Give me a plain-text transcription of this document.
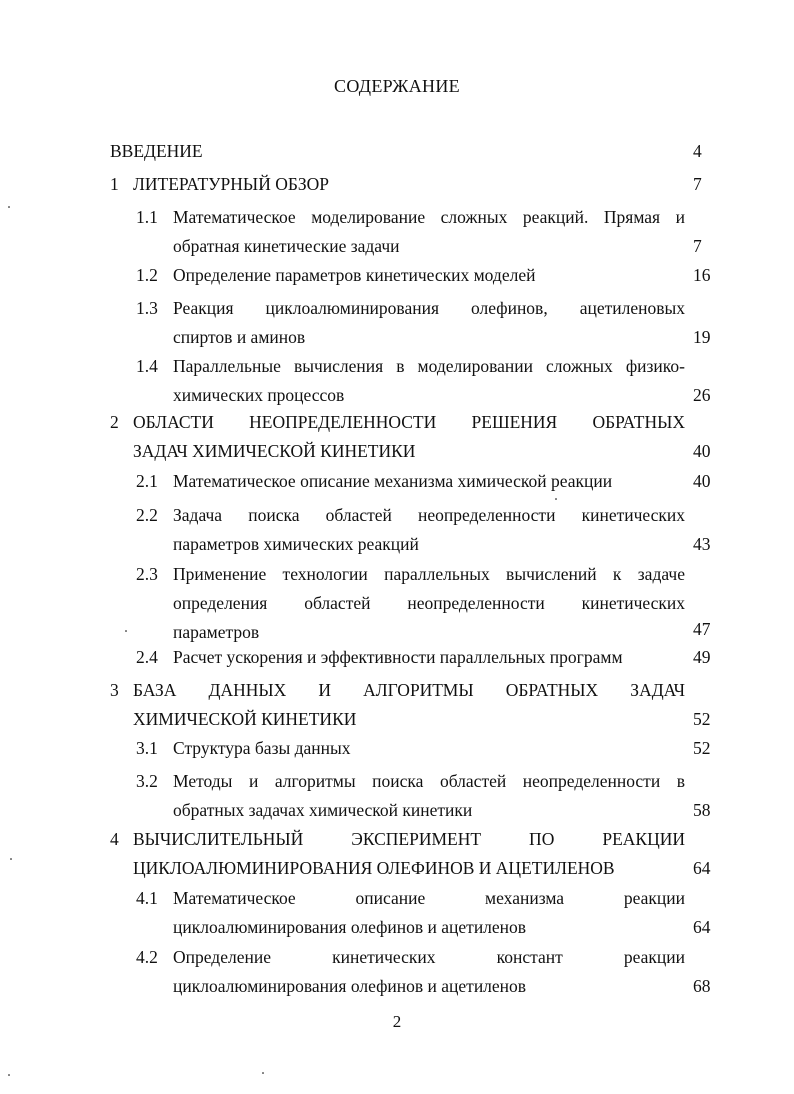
СОДЕРЖАНИЕ
ВВЕДЕНИЕ	4
1 ЛИТЕРАТУРНЫЙ ОБЗОР	7
1.1 Математическое моделирование сложных реакций. Прямая и
обратная кинетические задачи	7
1.2 Определение параметров кинетических моделей	16
1.3 Реакция циклоалюминирования олефинов, ацетиленовых
спиртов и аминов	19
1.4 Параллельные вычисления в моделировании сложных физико-
химических процессов	26
2 ОБЛАСТИ НЕОПРЕДЕЛЕННОСТИ РЕШЕНИЯ ОБРАТНЫХ
ЗАДАЧ ХИМИЧЕСКОЙ КИНЕТИКИ	40
2.1 Математическое описание механизма химической реакции	40
2.2 Задача поиска областей неопределенности кинетических
параметров химических реакций	43
2.3 Применение технологии параллельных вычислений к задаче
определения областей неопределенности кинетических
параметров	47
2.4 Расчет ускорения и эффективности параллельных программ	49
3 БАЗА ДАННЫХ И АЛГОРИТМЫ ОБРАТНЫХ ЗАДАЧ
ХИМИЧЕСКОЙ КИНЕТИКИ	52
3.1 Структура базы данных	52
3.2 Методы и алгоритмы поиска областей неопределенности в
обратных задачах химической кинетики	58
4 ВЫЧИСЛИТЕЛЬНЫЙ ЭКСПЕРИМЕНТ ПО РЕАКЦИИ
ЦИКЛОАЛЮМИНИРОВАНИЯ ОЛЕФИНОВ И АЦЕТИЛЕНОВ	64
4.1 Математическое описание механизма реакции
циклоалюминирования олефинов и ацетиленов	64
4.2 Определение кинетических констант реакции
циклоалюминирования олефинов и ацетиленов	68
2
